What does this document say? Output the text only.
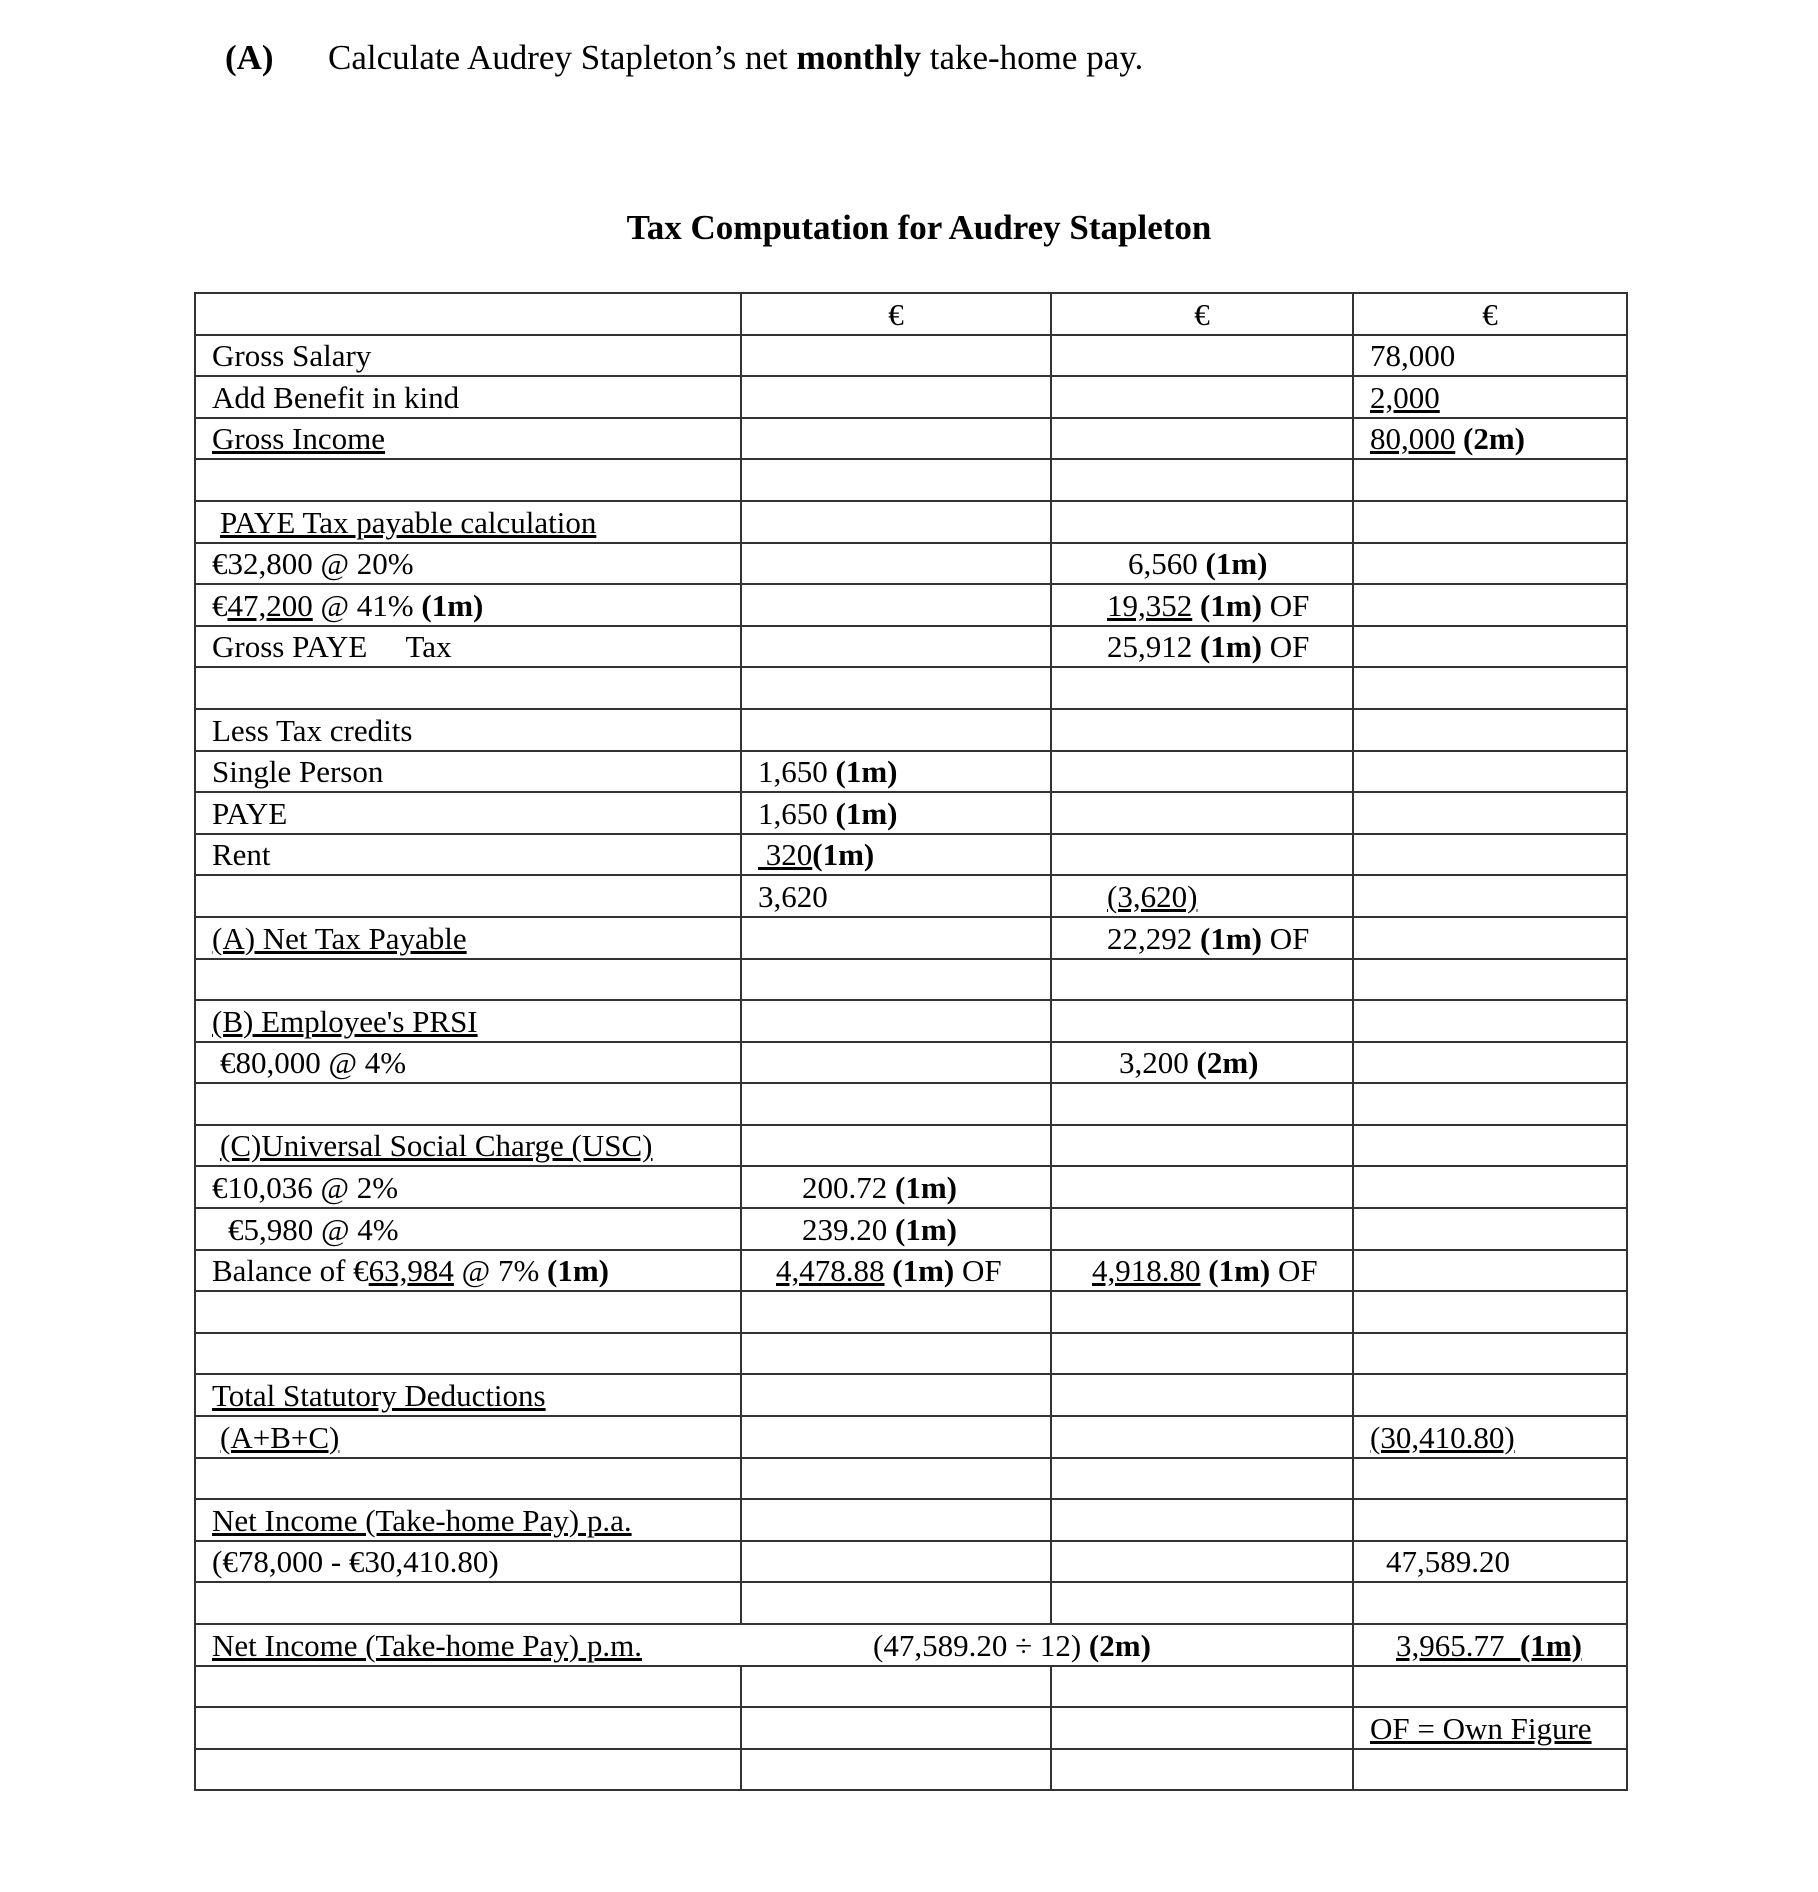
(A) Calculate Audrey Stapleton’s net monthly take-home pay.
Tax Computation for Audrey Stapleton
	€	€	€
Gross Salary			78,000
Add Benefit in kind			2,000
Gross Income			80,000 (2m)

PAYE Tax payable calculation			
€32,800 @ 20%		6,560 (1m)	
€47,200 @ 41% (1m)		19,352 (1m) OF	
Gross PAYE     Tax		25,912 (1m) OF	

Less Tax credits			
Single Person	1,650 (1m)		
PAYE	1,650 (1m)		
Rent	320(1m)		
	3,620	(3,620)	
(A) Net Tax Payable		22,292 (1m) OF	

(B) Employee's PRSI			
€80,000 @ 4%		3,200 (2m)	

(C)Universal Social Charge (USC)			
€10,036 @ 2%	200.72 (1m)		
€5,980 @ 4%	239.20 (1m)		
Balance of €63,984 @ 7% (1m)	4,478.88 (1m) OF	4,918.80 (1m) OF	

Total Statutory Deductions			
(A+B+C)			(30,410.80)

Net Income (Take-home Pay) p.a.			
(€78,000 - €30,410.80)			47,589.20

Net Income (Take-home Pay) p.m.	(47,589.20 ÷ 12) (2m)		3,965.77 (1m)

			OF = Own Figure
